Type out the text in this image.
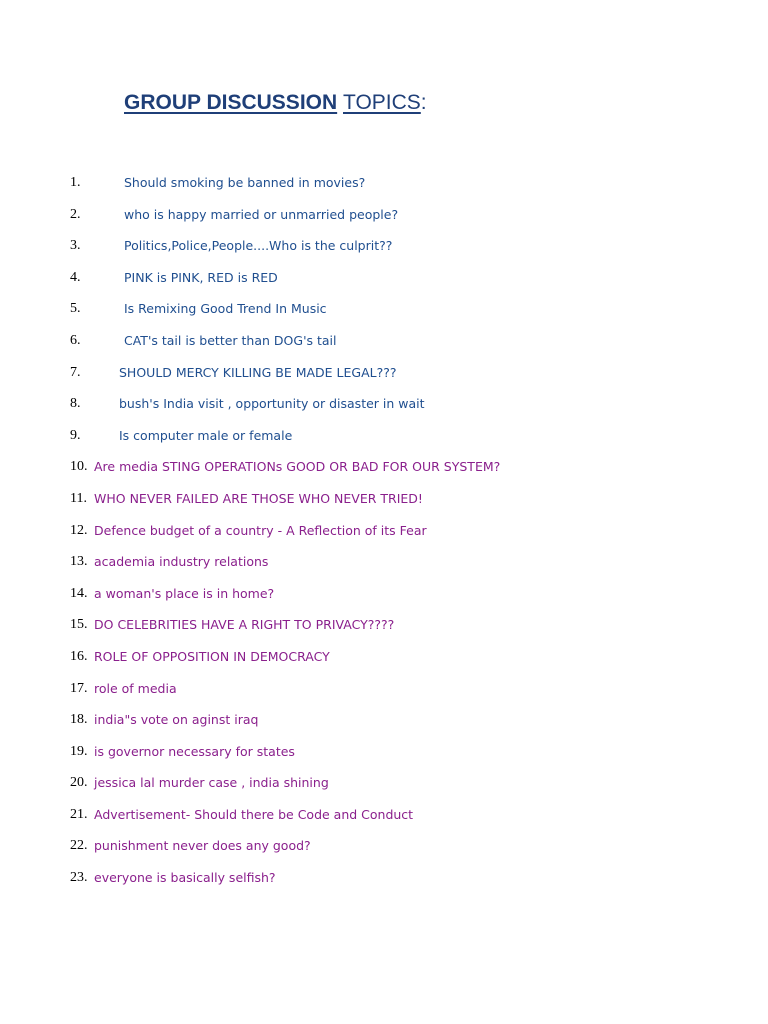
GROUP DISCUSSION TOPICS:
1.	Should smoking be banned in movies?
2.	who is happy married or unmarried people?
3.	Politics,Police,People....Who is the culprit??
4.	PINK is PINK, RED is RED
5.	Is Remixing Good Trend In Music
6.	CAT's tail is better than DOG's tail
7.	SHOULD MERCY KILLING BE MADE LEGAL???
8.	bush's India visit , opportunity or disaster in wait
9.	Is computer male or female
10. Are media STING OPERATIONs GOOD OR BAD FOR OUR SYSTEM?
11. WHO NEVER FAILED ARE THOSE WHO NEVER TRIED!
12. Defence budget of a country - A Reflection of its Fear
13. academia industry relations
14. a woman's place is in home?
15. DO CELEBRITIES HAVE A RIGHT TO PRIVACY????
16. ROLE OF OPPOSITION IN DEMOCRACY
17. role of media
18. india"s vote on aginst iraq
19. is governor necessary for states
20. jessica lal murder case , india shining
21. Advertisement- Should there be Code and Conduct
22. punishment never does any good?
23. everyone is basically selfish?
